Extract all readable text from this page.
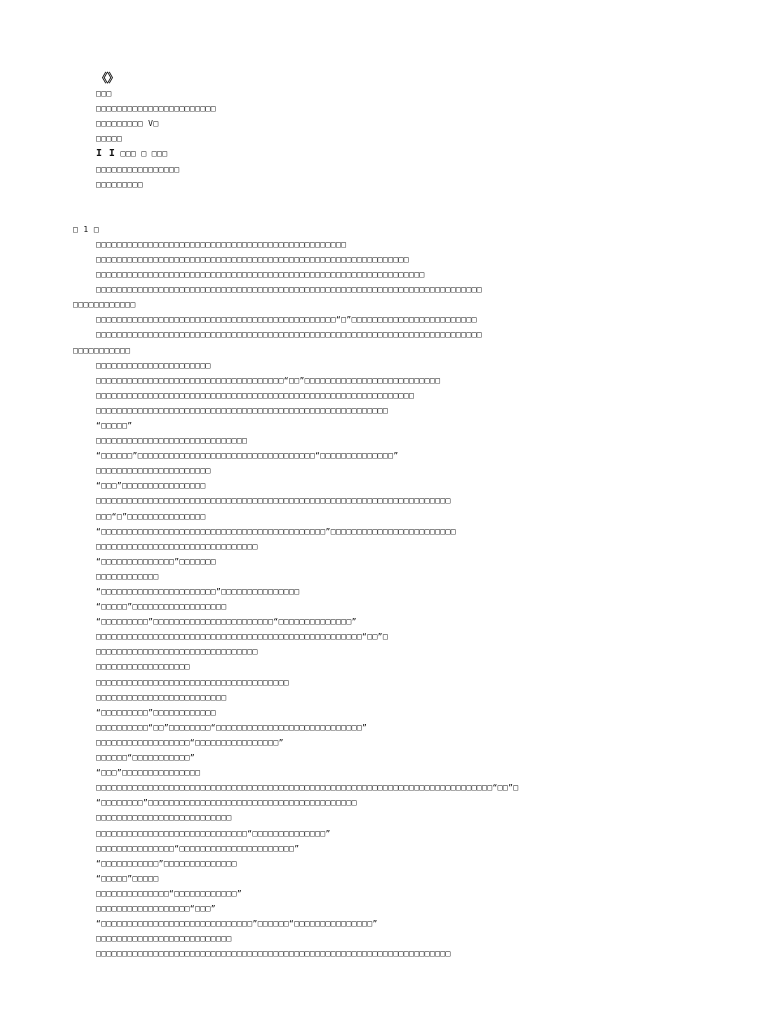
《》
□□□
□□□□□□□□□□□□□□□□□□□□□□□
□□□□□□□□□ V□
□□□□□
I I □□□ □ □□□
□□□□□□□□□□□□□□□□
□□□□□□□□□
□ 1 □
□□□□□□□□□□□□□□□□□□□□□□□□□□□□□□□□□□□□□□□□□□□□□□□□
□□□□□□□□□□□□□□□□□□□□□□□□□□□□□□□□□□□□□□□□□□□□□□□□□□□□□□□□□□□□
□□□□□□□□□□□□□□□□□□□□□□□□□□□□□□□□□□□□□□□□□□□□□□□□□□□□□□□□□□□□□□□
□□□□□□□□□□□□□□□□□□□□□□□□□□□□□□□□□□□□□□□□□□□□□□□□□□□□□□□□□□□□□□□□□□□□□□□□□□
□□□□□□□□□□□□
□□□□□□□□□□□□□□□□□□□□□□□□□□□□□□□□□□□□□□□□□□□□□□“□”□□□□□□□□□□□□□□□□□□□□□□□□
□□□□□□□□□□□□□□□□□□□□□□□□□□□□□□□□□□□□□□□□□□□□□□□□□□□□□□□□□□□□□□□□□□□□□□□□□□
□□□□□□□□□□□
□□□□□□□□□□□□□□□□□□□□□□
□□□□□□□□□□□□□□□□□□□□□□□□□□□□□□□□□□□□“□□”□□□□□□□□□□□□□□□□□□□□□□□□□□
□□□□□□□□□□□□□□□□□□□□□□□□□□□□□□□□□□□□□□□□□□□□□□□□□□□□□□□□□□□□□
□□□□□□□□□□□□□□□□□□□□□□□□□□□□□□□□□□□□□□□□□□□□□□□□□□□□□□□□
“□□□□□”
□□□□□□□□□□□□□□□□□□□□□□□□□□□□□
“□□□□□□”□□□□□□□□□□□□□□□□□□□□□□□□□□□□□□□□□□“□□□□□□□□□□□□□□”
□□□□□□□□□□□□□□□□□□□□□□
“□□□”□□□□□□□□□□□□□□□□
□□□□□□□□□□□□□□□□□□□□□□□□□□□□□□□□□□□□□□□□□□□□□□□□□□□□□□□□□□□□□□□□□□□□
□□□“□”□□□□□□□□□□□□□□□
“□□□□□□□□□□□□□□□□□□□□□□□□□□□□□□□□□□□□□□□□□□□”□□□□□□□□□□□□□□□□□□□□□□□□
□□□□□□□□□□□□□□□□□□□□□□□□□□□□□□□
“□□□□□□□□□□□□□□”□□□□□□□
□□□□□□□□□□□□
“□□□□□□□□□□□□□□□□□□□□□□”□□□□□□□□□□□□□□□
“□□□□□”□□□□□□□□□□□□□□□□□□
“□□□□□□□□□”□□□□□□□□□□□□□□□□□□□□□□□“□□□□□□□□□□□□□□”
□□□□□□□□□□□□□□□□□□□□□□□□□□□□□□□□□□□□□□□□□□□□□□□□□□□“□□”□
□□□□□□□□□□□□□□□□□□□□□□□□□□□□□□□
□□□□□□□□□□□□□□□□□□
□□□□□□□□□□□□□□□□□□□□□□□□□□□□□□□□□□□□□
□□□□□□□□□□□□□□□□□□□□□□□□□
“□□□□□□□□□”□□□□□□□□□□□□
□□□□□□□□□□“□□”□□□□□□□□“□□□□□□□□□□□□□□□□□□□□□□□□□□□□”
□□□□□□□□□□□□□□□□□□“□□□□□□□□□□□□□□□□”
□□□□□□“□□□□□□□□□□□”
“□□□”□□□□□□□□□□□□□□□
□□□□□□□□□□□□□□□□□□□□□□□□□□□□□□□□□□□□□□□□□□□□□□□□□□□□□□□□□□□□□□□□□□□□□□□□□□□□“□□”□
“□□□□□□□□”□□□□□□□□□□□□□□□□□□□□□□□□□□□□□□□□□□□□□□□□
□□□□□□□□□□□□□□□□□□□□□□□□□□
□□□□□□□□□□□□□□□□□□□□□□□□□□□□□“□□□□□□□□□□□□□□”
□□□□□□□□□□□□□□□“□□□□□□□□□□□□□□□□□□□□□□”
“□□□□□□□□□□□”□□□□□□□□□□□□□□
“□□□□□”□□□□□
□□□□□□□□□□□□□□“□□□□□□□□□□□□”
□□□□□□□□□□□□□□□□□□“□□□”
“□□□□□□□□□□□□□□□□□□□□□□□□□□□□□”□□□□□□“□□□□□□□□□□□□□□□”
□□□□□□□□□□□□□□□□□□□□□□□□□□
□□□□□□□□□□□□□□□□□□□□□□□□□□□□□□□□□□□□□□□□□□□□□□□□□□□□□□□□□□□□□□□□□□□□
